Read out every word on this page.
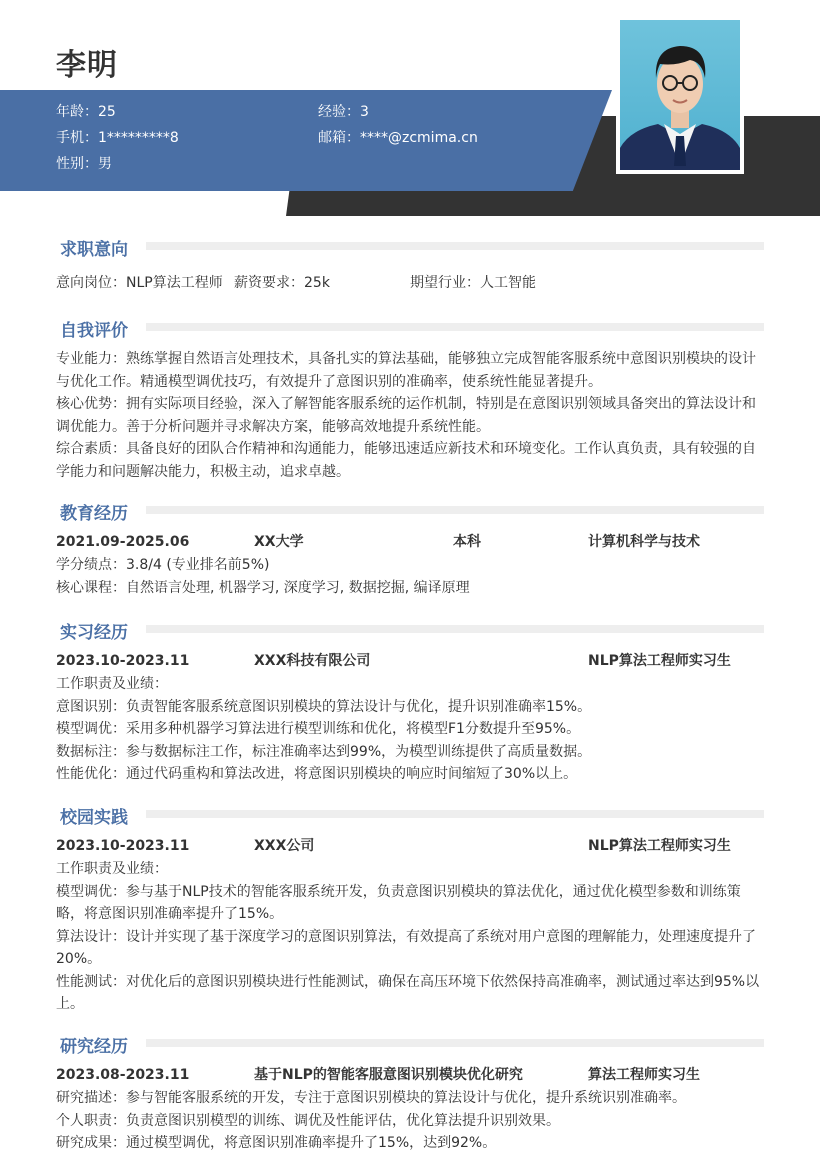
李明
年龄：25	经验：3
手机：1*********8	邮箱：****@zcmima.cn
性别：男
求职意向
意向岗位：NLP算法工程师 薪资要求：25k	期望行业：人工智能
自我评价
专业能力：熟练掌握自然语言处理技术，具备扎实的算法基础，能够独立完成智能客服系统中意图识别模块的设计与优化工作。精通模型调优技巧，有效提升了意图识别的准确率，使系统性能显著提升。
核心优势：拥有实际项目经验，深入了解智能客服系统的运作机制，特别是在意图识别领域具备突出的算法设计和调优能力。善于分析问题并寻求解决方案，能够高效地提升系统性能。
综合素质：具备良好的团队合作精神和沟通能力，能够迅速适应新技术和环境变化。工作认真负责，具有较强的自学能力和问题解决能力，积极主动，追求卓越。
教育经历
2021.09-2025.06	XX大学	本科	计算机科学与技术
学分绩点：3.8/4 (专业排名前5%)
核心课程：自然语言处理, 机器学习, 深度学习, 数据挖掘, 编译原理
实习经历
2023.10-2023.11	XXX科技有限公司	NLP算法工程师实习生
工作职责及业绩：
意图识别：负责智能客服系统意图识别模块的算法设计与优化，提升识别准确率15%。
模型调优：采用多种机器学习算法进行模型训练和优化，将模型F1分数提升至95%。
数据标注：参与数据标注工作，标注准确率达到99%，为模型训练提供了高质量数据。
性能优化：通过代码重构和算法改进，将意图识别模块的响应时间缩短了30%以上。
校园实践
2023.10-2023.11	XXX公司	NLP算法工程师实习生
工作职责及业绩：
模型调优：参与基于NLP技术的智能客服系统开发，负责意图识别模块的算法优化，通过优化模型参数和训练策略，将意图识别准确率提升了15%。
算法设计：设计并实现了基于深度学习的意图识别算法，有效提高了系统对用户意图的理解能力，处理速度提升了20%。
性能测试：对优化后的意图识别模块进行性能测试，确保在高压环境下依然保持高准确率，测试通过率达到95%以上。
研究经历
2023.08-2023.11	基于NLP的智能客服意图识别模块优化研究	算法工程师实习生
研究描述：参与智能客服系统的开发，专注于意图识别模块的算法设计与优化，提升系统识别准确率。
个人职责：负责意图识别模型的训练、调优及性能评估，优化算法提升识别效果。
研究成果：通过模型调优，将意图识别准确率提升了15%，达到92%。
